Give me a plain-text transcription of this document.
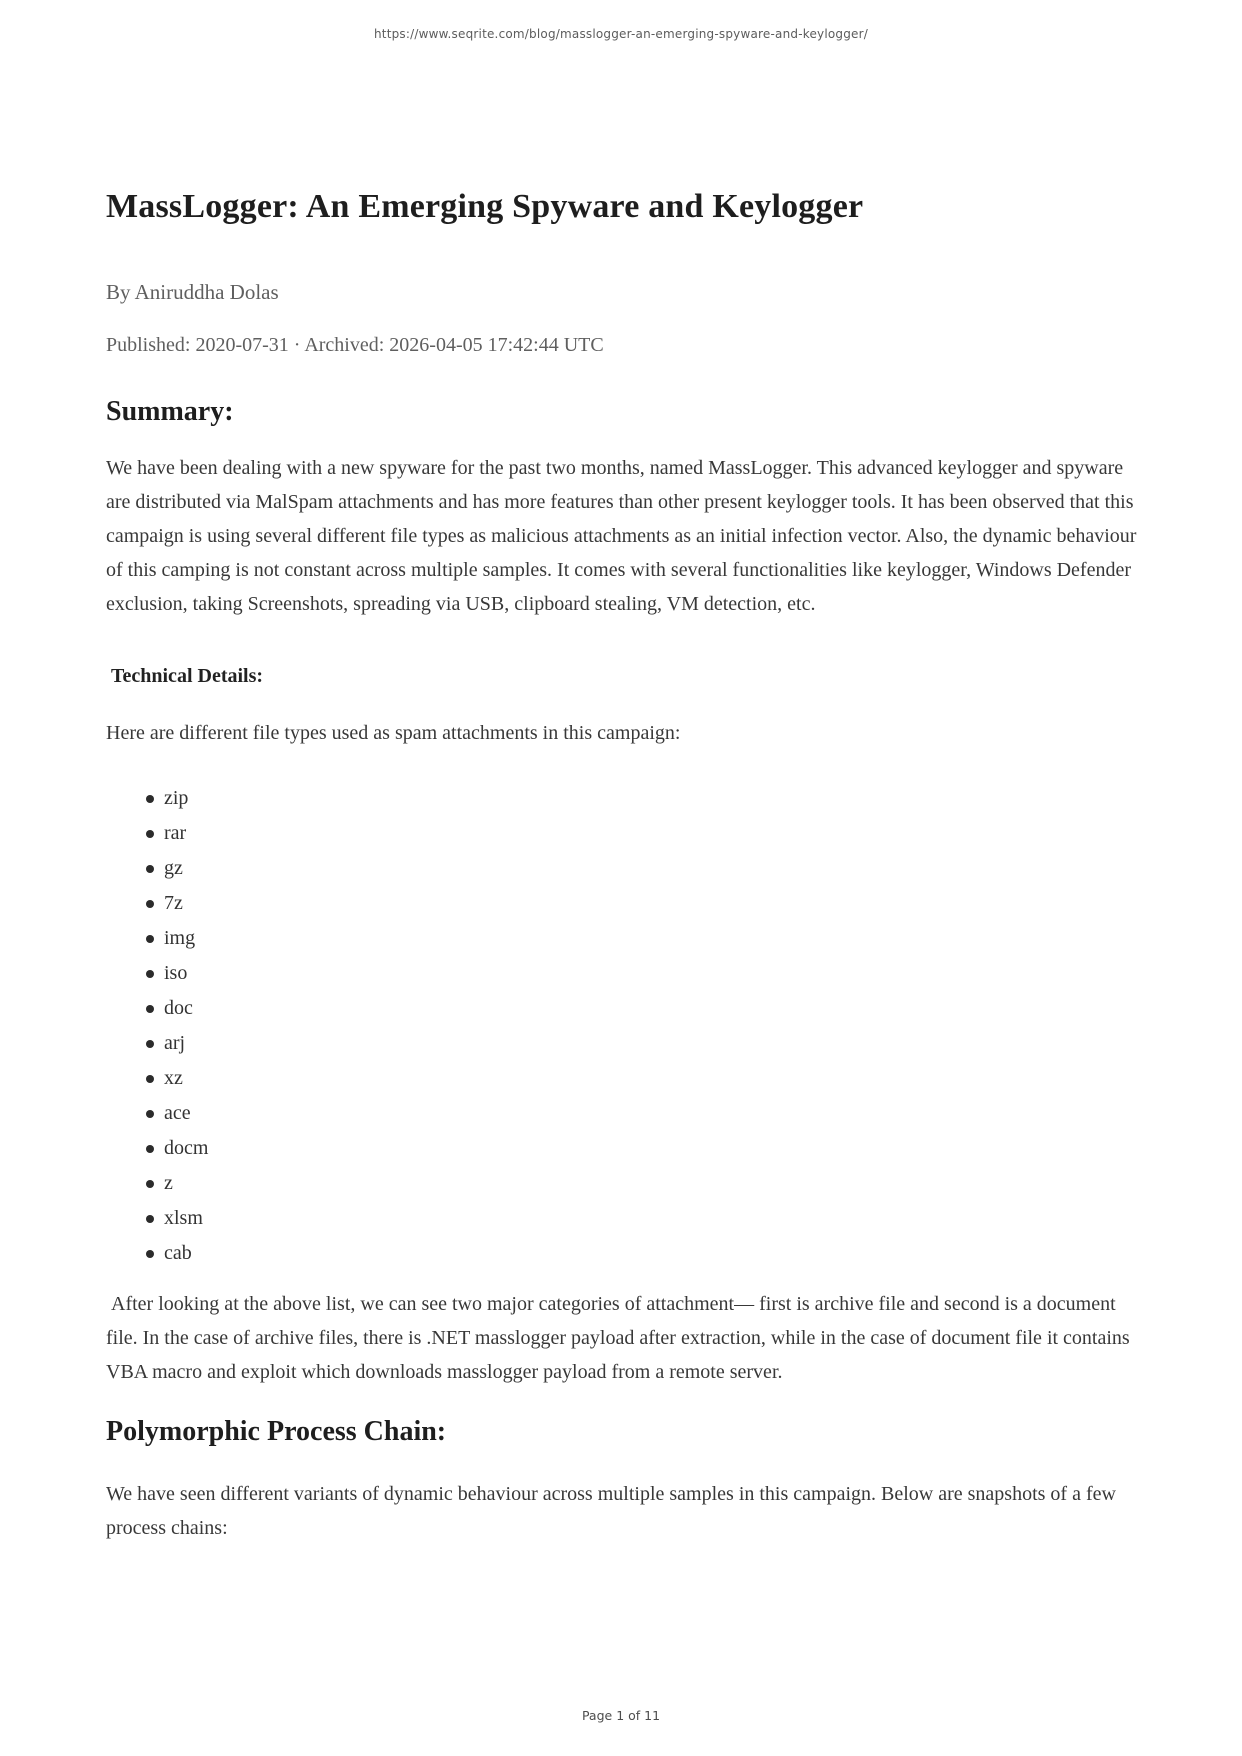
https://www.seqrite.com/blog/masslogger-an-emerging-spyware-and-keylogger/
MassLogger: An Emerging Spyware and Keylogger
By Aniruddha Dolas
Published: 2020-07-31 · Archived: 2026-04-05 17:42:44 UTC
Summary:

We have been dealing with a new spyware for the past two months, named MassLogger. This advanced keylogger and spyware are distributed via MalSpam attachments and has more features than other present keylogger tools. It has been observed that this campaign is using several different file types as malicious attachments as an initial infection vector. Also, the dynamic behaviour of this camping is not constant across multiple samples. It comes with several functionalities like keylogger, Windows Defender exclusion, taking Screenshots, spreading via USB, clipboard stealing, VM detection, etc.

Technical Details:

Here are different file types used as spam attachments in this campaign:

zip
rar
gz
7z
img
iso
doc
arj
xz
ace
docm
z
xlsm
cab

After looking at the above list, we can see two major categories of attachment— first is archive file and second is a document file. In the case of archive files, there is .NET masslogger payload after extraction, while in the case of document file it contains VBA macro and exploit which downloads masslogger payload from a remote server.

Polymorphic Process Chain:

We have seen different variants of dynamic behaviour across multiple samples in this campaign. Below are snapshots of a few process chains:

Page 1 of 11
